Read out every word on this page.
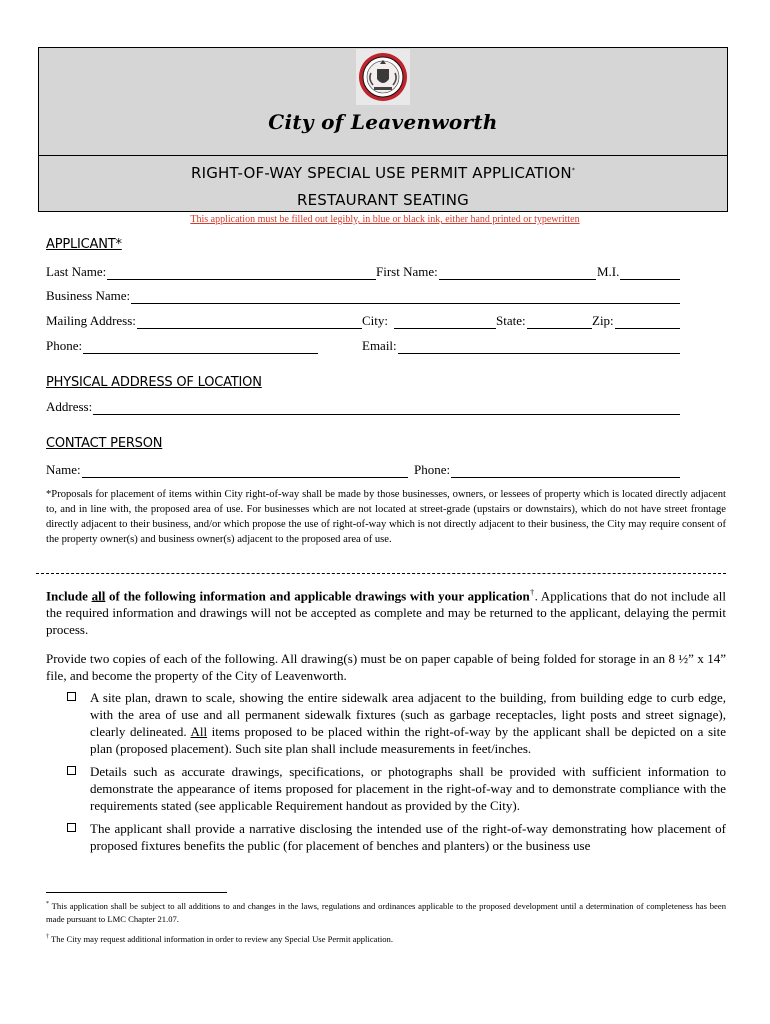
City of Leavenworth
RIGHT-OF-WAY SPECIAL USE PERMIT APPLICATION*
RESTAURANT SEATING
This application must be filled out legibly, in blue or black ink, either hand printed or typewritten
APPLICANT*
Last Name:	First Name:	M.I.
Business Name:
Mailing Address:	City:	State:	Zip:
Phone:	Email:
PHYSICAL ADDRESS OF LOCATION
Address:
CONTACT PERSON
Name:	Phone:
*Proposals for placement of items within City right-of-way shall be made by those businesses, owners, or lessees of property which is located directly adjacent to, and in line with, the proposed area of use. For businesses which are not located at street-grade (upstairs or downstairs), which do not have street frontage directly adjacent to their business, and/or which propose the use of right-of-way which is not directly adjacent to their business, the City may require consent of the property owner(s) and business owner(s) adjacent to the proposed area of use.
Include all of the following information and applicable drawings with your application†. Applications that do not include all the required information and drawings will not be accepted as complete and may be returned to the applicant, delaying the permit process.
Provide two copies of each of the following. All drawing(s) must be on paper capable of being folded for storage in an 8 ½” x 14” file, and become the property of the City of Leavenworth.
A site plan, drawn to scale, showing the entire sidewalk area adjacent to the building, from building edge to curb edge, with the area of use and all permanent sidewalk fixtures (such as garbage receptacles, light posts and street signage), clearly delineated. All items proposed to be placed within the right-of-way by the applicant shall be depicted on a site plan (proposed placement). Such site plan shall include measurements in feet/inches.
Details such as accurate drawings, specifications, or photographs shall be provided with sufficient information to demonstrate the appearance of items proposed for placement in the right-of-way and to demonstrate compliance with the requirements stated (see applicable Requirement handout as provided by the City).
The applicant shall provide a narrative disclosing the intended use of the right-of-way demonstrating how placement of proposed fixtures benefits the public (for placement of benches and planters) or the business use
* This application shall be subject to all additions to and changes in the laws, regulations and ordinances applicable to the proposed development until a determination of completeness has been made pursuant to LMC Chapter 21.07.
† The City may request additional information in order to review any Special Use Permit application.
